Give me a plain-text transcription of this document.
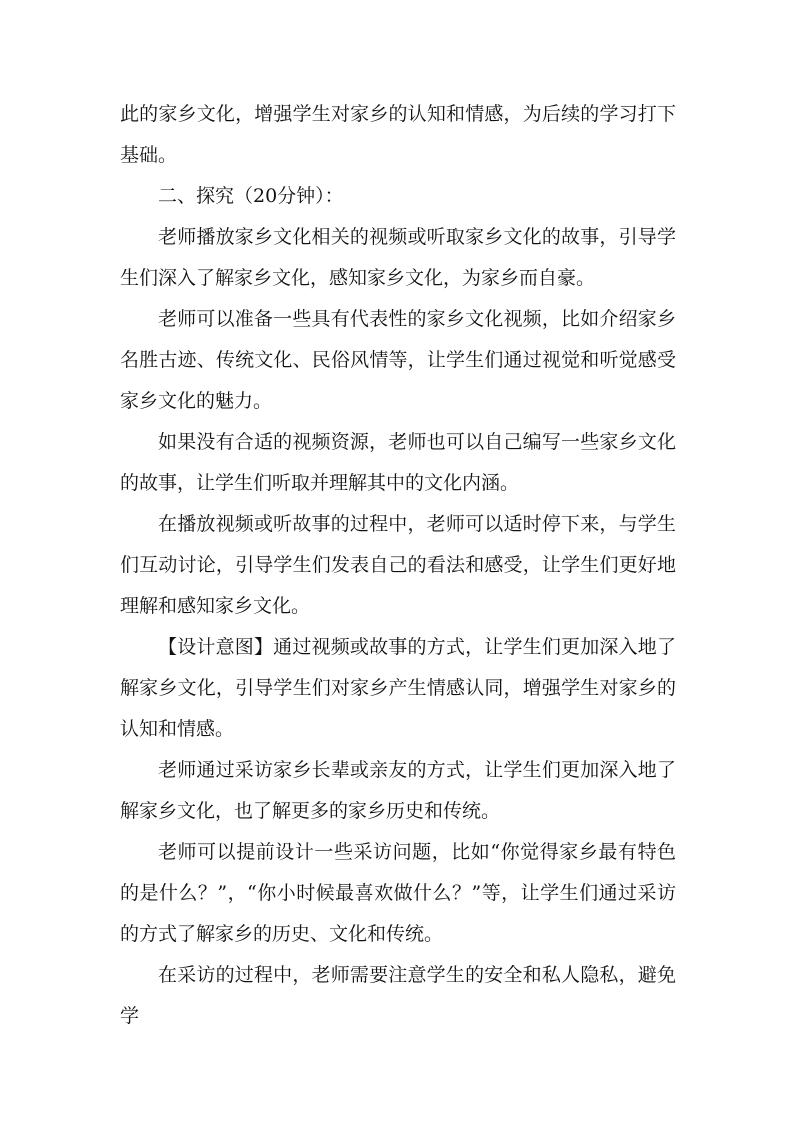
此的家乡文化，增强学生对家乡的认知和情感，为后续的学习打下基础。

二、探究（20分钟）：

老师播放家乡文化相关的视频或听取家乡文化的故事，引导学生们深入了解家乡文化，感知家乡文化，为家乡而自豪。

老师可以准备一些具有代表性的家乡文化视频，比如介绍家乡名胜古迹、传统文化、民俗风情等，让学生们通过视觉和听觉感受家乡文化的魅力。

如果没有合适的视频资源，老师也可以自己编写一些家乡文化的故事，让学生们听取并理解其中的文化内涵。

在播放视频或听故事的过程中，老师可以适时停下来，与学生们互动讨论，引导学生们发表自己的看法和感受，让学生们更好地理解和感知家乡文化。

【设计意图】通过视频或故事的方式，让学生们更加深入地了解家乡文化，引导学生们对家乡产生情感认同，增强学生对家乡的认知和情感。

老师通过采访家乡长辈或亲友的方式，让学生们更加深入地了解家乡文化，也了解更多的家乡历史和传统。

老师可以提前设计一些采访问题，比如“你觉得家乡最有特色的是什么？”，“你小时候最喜欢做什么？”等，让学生们通过采访的方式了解家乡的历史、文化和传统。

在采访的过程中，老师需要注意学生的安全和私人隐私，避免学
